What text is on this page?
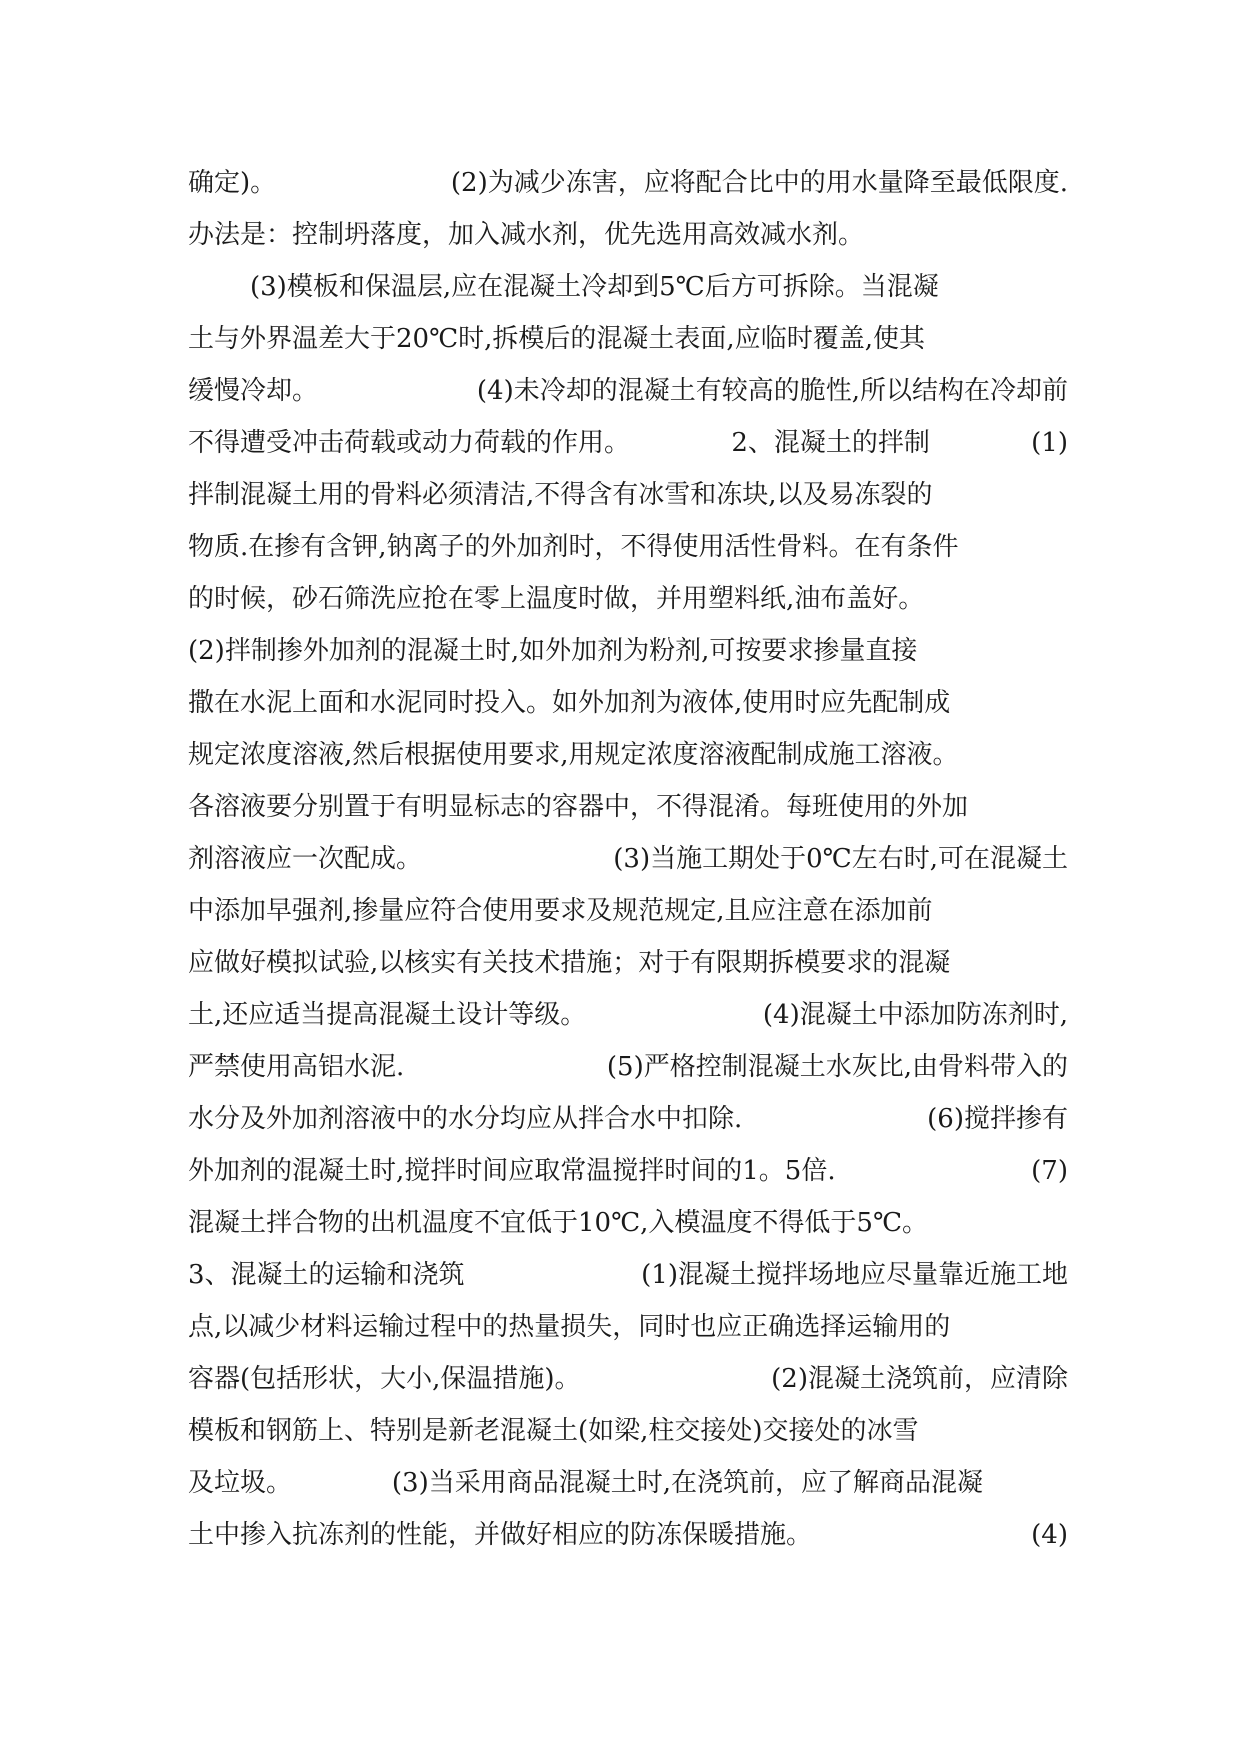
确定)。	(2)为减少冻害，应将配合比中的用水量降至最低限度.
办法是：控制坍落度，加入减水剂，优先选用高效减水剂。
(3)模板和保温层,应在混凝土冷却到5℃后方可拆除。当混凝
土与外界温差大于20℃时,拆模后的混凝土表面,应临时覆盖,使其
缓慢冷却。	(4)未冷却的混凝土有较高的脆性,所以结构在冷却前
不得遭受冲击荷载或动力荷载的作用。	2、混凝土的拌制	(1)
拌制混凝土用的骨料必须清洁,不得含有冰雪和冻块,以及易冻裂的
物质.在掺有含钾,钠离子的外加剂时，不得使用活性骨料。在有条件
的时候，砂石筛洗应抢在零上温度时做，并用塑料纸,油布盖好。
(2)拌制掺外加剂的混凝土时,如外加剂为粉剂,可按要求掺量直接
撒在水泥上面和水泥同时投入。如外加剂为液体,使用时应先配制成
规定浓度溶液,然后根据使用要求,用规定浓度溶液配制成施工溶液。
各溶液要分别置于有明显标志的容器中，不得混淆。每班使用的外加
剂溶液应一次配成。	(3)当施工期处于0℃左右时,可在混凝土
中添加早强剂,掺量应符合使用要求及规范规定,且应注意在添加前
应做好模拟试验,以核实有关技术措施；对于有限期拆模要求的混凝
土,还应适当提高混凝土设计等级。	(4)混凝土中添加防冻剂时,
严禁使用高铝水泥.	(5)严格控制混凝土水灰比,由骨料带入的
水分及外加剂溶液中的水分均应从拌合水中扣除.	(6)搅拌掺有
外加剂的混凝土时,搅拌时间应取常温搅拌时间的1。5倍.	(7)
混凝土拌合物的出机温度不宜低于10℃,入模温度不得低于5℃。
3、混凝土的运输和浇筑	(1)混凝土搅拌场地应尽量靠近施工地
点,以减少材料运输过程中的热量损失，同时也应正确选择运输用的
容器(包括形状，大小,保温措施)。	(2)混凝土浇筑前，应清除
模板和钢筋上、特别是新老混凝土(如梁,柱交接处)交接处的冰雪
及垃圾。	(3)当采用商品混凝土时,在浇筑前，应了解商品混凝
土中掺入抗冻剂的性能，并做好相应的防冻保暖措施。	(4)
